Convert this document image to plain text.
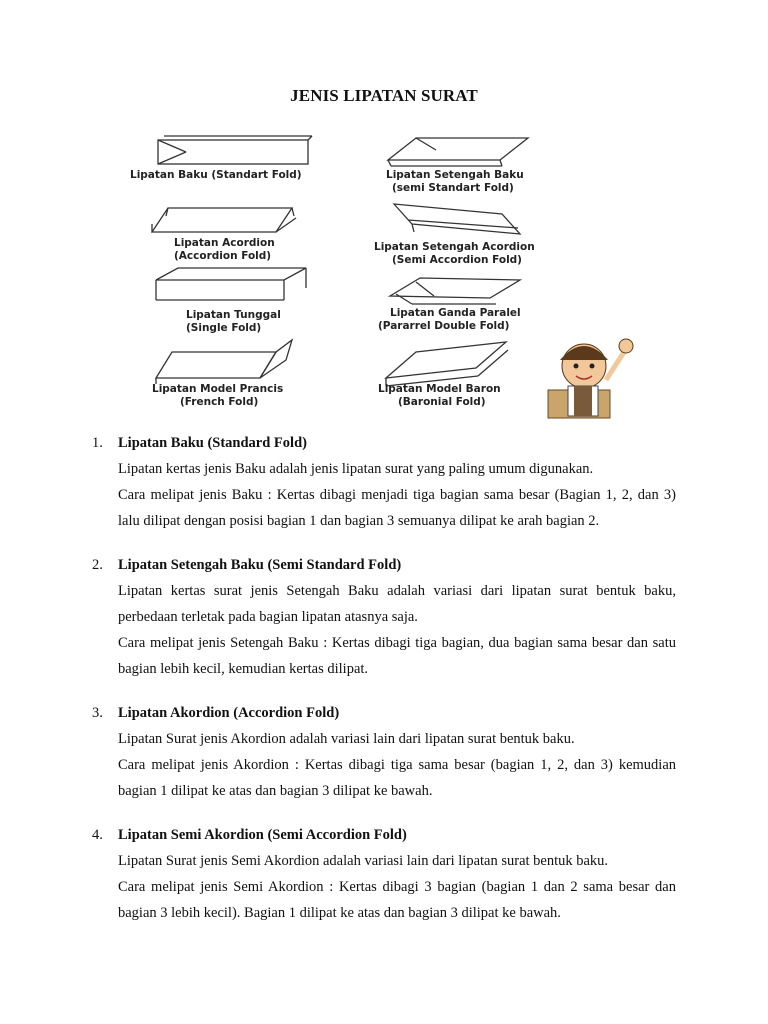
JENIS LIPATAN SURAT
Lipatan Baku (Standart Fold)	Lipatan Setengah Baku
(semi Standart Fold)
Lipatan Acordion
(Accordion Fold)
Lipatan Setengah Acordion
(Semi Accordion Fold)
Lipatan Tunggal
(Single Fold)
Lipatan Ganda Paralel
(Pararrel Double Fold)
Lipatan Model Prancis
(French Fold)
Lipatan Model Baron
(Baronial Fold)
1.	Lipatan Baku (Standard Fold)
Lipatan kertas jenis Baku adalah jenis lipatan surat yang paling umum digunakan.
Cara melipat jenis Baku : Kertas dibagi menjadi tiga bagian sama besar (Bagian 1, 2, dan 3) lalu dilipat dengan posisi bagian 1 dan bagian 3 semuanya dilipat ke arah bagian 2.
2.	Lipatan Setengah Baku (Semi Standard Fold)
Lipatan kertas surat jenis Setengah Baku adalah variasi dari lipatan surat bentuk baku, perbedaan terletak pada bagian lipatan atasnya saja.
Cara melipat jenis Setengah Baku : Kertas dibagi tiga bagian, dua bagian sama besar dan satu bagian lebih kecil, kemudian kertas dilipat.
3.	Lipatan Akordion (Accordion Fold)
Lipatan Surat jenis Akordion adalah variasi lain dari lipatan surat bentuk baku.
Cara melipat jenis Akordion : Kertas dibagi tiga sama besar (bagian 1, 2, dan 3) kemudian bagian 1 dilipat ke atas dan bagian 3 dilipat ke bawah.
4.	Lipatan Semi Akordion (Semi Accordion Fold)
Lipatan Surat jenis Semi Akordion adalah variasi lain dari lipatan surat bentuk baku.
Cara melipat jenis Semi Akordion : Kertas dibagi 3 bagian (bagian 1 dan 2 sama besar dan bagian 3 lebih kecil). Bagian 1 dilipat ke atas dan bagian 3 dilipat ke bawah.
